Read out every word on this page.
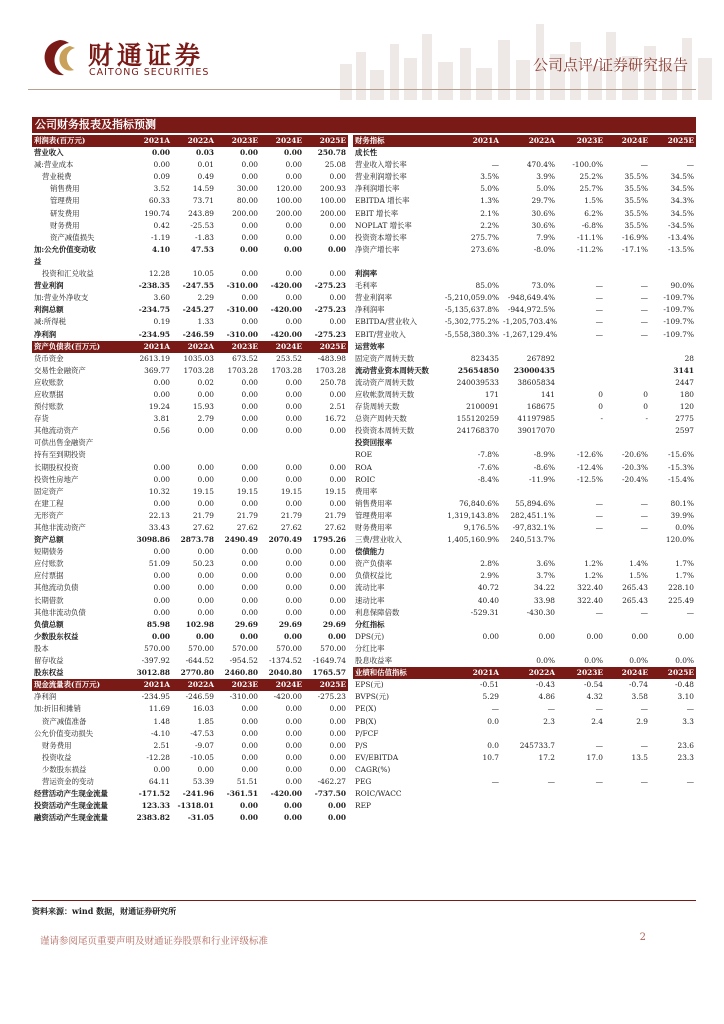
财通证券
CAITONG SECURITIES	公司点评/证券研究报告
公司财务报表及指标预测
利润表(百万元)	2021A	2022A	2023E	2024E	2025E
营业收入	0.00	0.03	0.00	0.00	250.78
减:营业成本	0.00	0.01	0.00	0.00	25.08
营业税费	0.09	0.49	0.00	0.00	0.00
销售费用	3.52	14.59	30.00	120.00	200.93
管理费用	60.33	73.71	80.00	100.00	100.00
研发费用	190.74	243.89	200.00	200.00	200.00
财务费用	0.42	-25.53	0.00	0.00	0.00
资产减值损失	-1.19	-1.83	0.00	0.00	0.00
加:公允价值变动收	4.10	47.53	0.00	0.00	0.00
益					
投资和汇兑收益	12.28	10.05	0.00	0.00	0.00
营业利润	-238.35	-247.55	-310.00	-420.00	-275.23
加:营业外净收支	3.60	2.29	0.00	0.00	0.00
利润总额	-234.75	-245.27	-310.00	-420.00	-275.23
减:所得税	0.19	1.33	0.00	0.00	0.00
净利润	-234.95	-246.59	-310.00	-420.00	-275.23
资产负债表(百万元)	2021A	2022A	2023E	2024E	2025E
货币资金	2613.19	1035.03	673.52	253.52	-483.98
交易性金融资产	369.77	1703.28	1703.28	1703.28	1703.28
应收账款	0.00	0.02	0.00	0.00	250.78
应收票据	0.00	0.00	0.00	0.00	0.00
预付账款	19.24	15.93	0.00	0.00	2.51
存货	3.81	2.79	0.00	0.00	16.72
其他流动资产	0.56	0.00	0.00	0.00	0.00
可供出售金融资产					
持有至到期投资					
长期股权投资	0.00	0.00	0.00	0.00	0.00
投资性房地产	0.00	0.00	0.00	0.00	0.00
固定资产	10.32	19.15	19.15	19.15	19.15
在建工程	0.00	0.00	0.00	0.00	0.00
无形资产	22.13	21.79	21.79	21.79	21.79
其他非流动资产	33.43	27.62	27.62	27.62	27.62
资产总额	3098.86	2873.78	2490.49	2070.49	1795.26
短期债务	0.00	0.00	0.00	0.00	0.00
应付账款	51.09	50.23	0.00	0.00	0.00
应付票据	0.00	0.00	0.00	0.00	0.00
其他流动负债	0.00	0.00	0.00	0.00	0.00
长期借款	0.00	0.00	0.00	0.00	0.00
其他非流动负债	0.00	0.00	0.00	0.00	0.00
负债总额	85.98	102.98	29.69	29.69	29.69
少数股东权益	0.00	0.00	0.00	0.00	0.00
股本	570.00	570.00	570.00	570.00	570.00
留存收益	-397.92	-644.52	-954.52	-1374.52	-1649.74
股东权益	3012.88	2770.80	2460.80	2040.80	1765.57
现金流量表(百万元)	2021A	2022A	2023E	2024E	2025E
净利润	-234.95	-246.59	-310.00	-420.00	-275.23
加:折旧和摊销	11.69	16.03	0.00	0.00	0.00
资产减值准备	1.48	1.85	0.00	0.00	0.00
公允价值变动损失	-4.10	-47.53	0.00	0.00	0.00
财务费用	2.51	-9.07	0.00	0.00	0.00
投资收益	-12.28	-10.05	0.00	0.00	0.00
少数股东损益	0.00	0.00	0.00	0.00	0.00
营运资金的变动	64.11	53.39	51.51	0.00	-462.27
经营活动产生现金流量	-171.52	-241.96	-361.51	-420.00	-737.50
投资活动产生现金流量	123.33	-1318.01	0.00	0.00	0.00
融资活动产生现金流量	2383.82	-31.05	0.00	0.00	0.00
财务指标	2021A	2022A	2023E	2024E	2025E
成长性					
营业收入增长率	—	470.4%	-100.0%	—	—
营业利润增长率	3.5%	3.9%	25.2%	35.5%	34.5%
净利润增长率	5.0%	5.0%	25.7%	35.5%	34.5%
EBITDA 增长率	1.3%	29.7%	1.5%	35.5%	34.3%
EBIT 增长率	2.1%	30.6%	6.2%	35.5%	34.5%
NOPLAT 增长率	2.2%	30.6%	-6.8%	35.5%	-34.5%
投资资本增长率	275.7%	7.9%	-11.1%	-16.9%	-13.4%
净资产增长率	273.6%	-8.0%	-11.2%	-17.1%	-13.5%

利润率					
毛利率	85.0%	73.0%	—	—	90.0%
营业利润率	-5,210,059.0%	-948,649.4%	—	—	-109.7%
净利润率	-5,135,637.8%	-944,972.5%	—	—	-109.7%
EBITDA/营业收入	-5,302,775.2%	-1,205,703.4%	—	—	-109.7%
EBIT/营业收入	-5,558,380.3%	-1,267,129.4%	—	—	-109.7%
运营效率					
固定资产周转天数	823435	267892			28
流动营业资本周转天数	25654850	23000435			3141
流动资产周转天数	240039533	38605834			2447
应收帐款周转天数	171	141	0	0	180
存货周转天数	2100091	168675	0	0	120
总资产周转天数	155120259	41197985	-	-	2775
投资资本周转天数	241768370	39017070			2597
投资回报率					
ROE	-7.8%	-8.9%	-12.6%	-20.6%	-15.6%
ROA	-7.6%	-8.6%	-12.4%	-20.3%	-15.3%
ROIC	-8.4%	-11.9%	-12.5%	-20.4%	-15.4%
费用率					
销售费用率	76,840.6%	55,894.6%	—	—	80.1%
管理费用率	1,319,143.8%	282,451.1%	—	—	39.9%
财务费用率	9,176.5%	-97,832.1%	—	—	0.0%
三费/营业收入	1,405,160.9%	240,513.7%			120.0%
偿债能力					
资产负债率	2.8%	3.6%	1.2%	1.4%	1.7%
负债权益比	2.9%	3.7%	1.2%	1.5%	1.7%
流动比率	40.72	34.22	322.40	265.43	228.10
速动比率	40.40	33.98	322.40	265.43	225.49
利息保障倍数	-529.31	-430.30	—	—	—
分红指标					
DPS(元)	0.00	0.00	0.00	0.00	0.00
分红比率					
股息收益率		0.0%	0.0%	0.0%	0.0%
业绩和估值指标	2021A	2022A	2023E	2024E	2025E
EPS(元)	-0.51	-0.43	-0.54	-0.74	-0.48
BVPS(元)	5.29	4.86	4.32	3.58	3.10
PE(X)	—	—	—	—	—
PB(X)	0.0	2.3	2.4	2.9	3.3
P/FCF					
P/S	0.0	245733.7	—	—	23.6
EV/EBITDA	10.7	17.2	17.0	13.5	23.3
CAGR(%)					
PEG	—	—	—	—	—
ROIC/WACC					
REP					
资料来源：wind 数据，财通证券研究所
谨请参阅尾页重要声明及财通证券股票和行业评级标准	2
